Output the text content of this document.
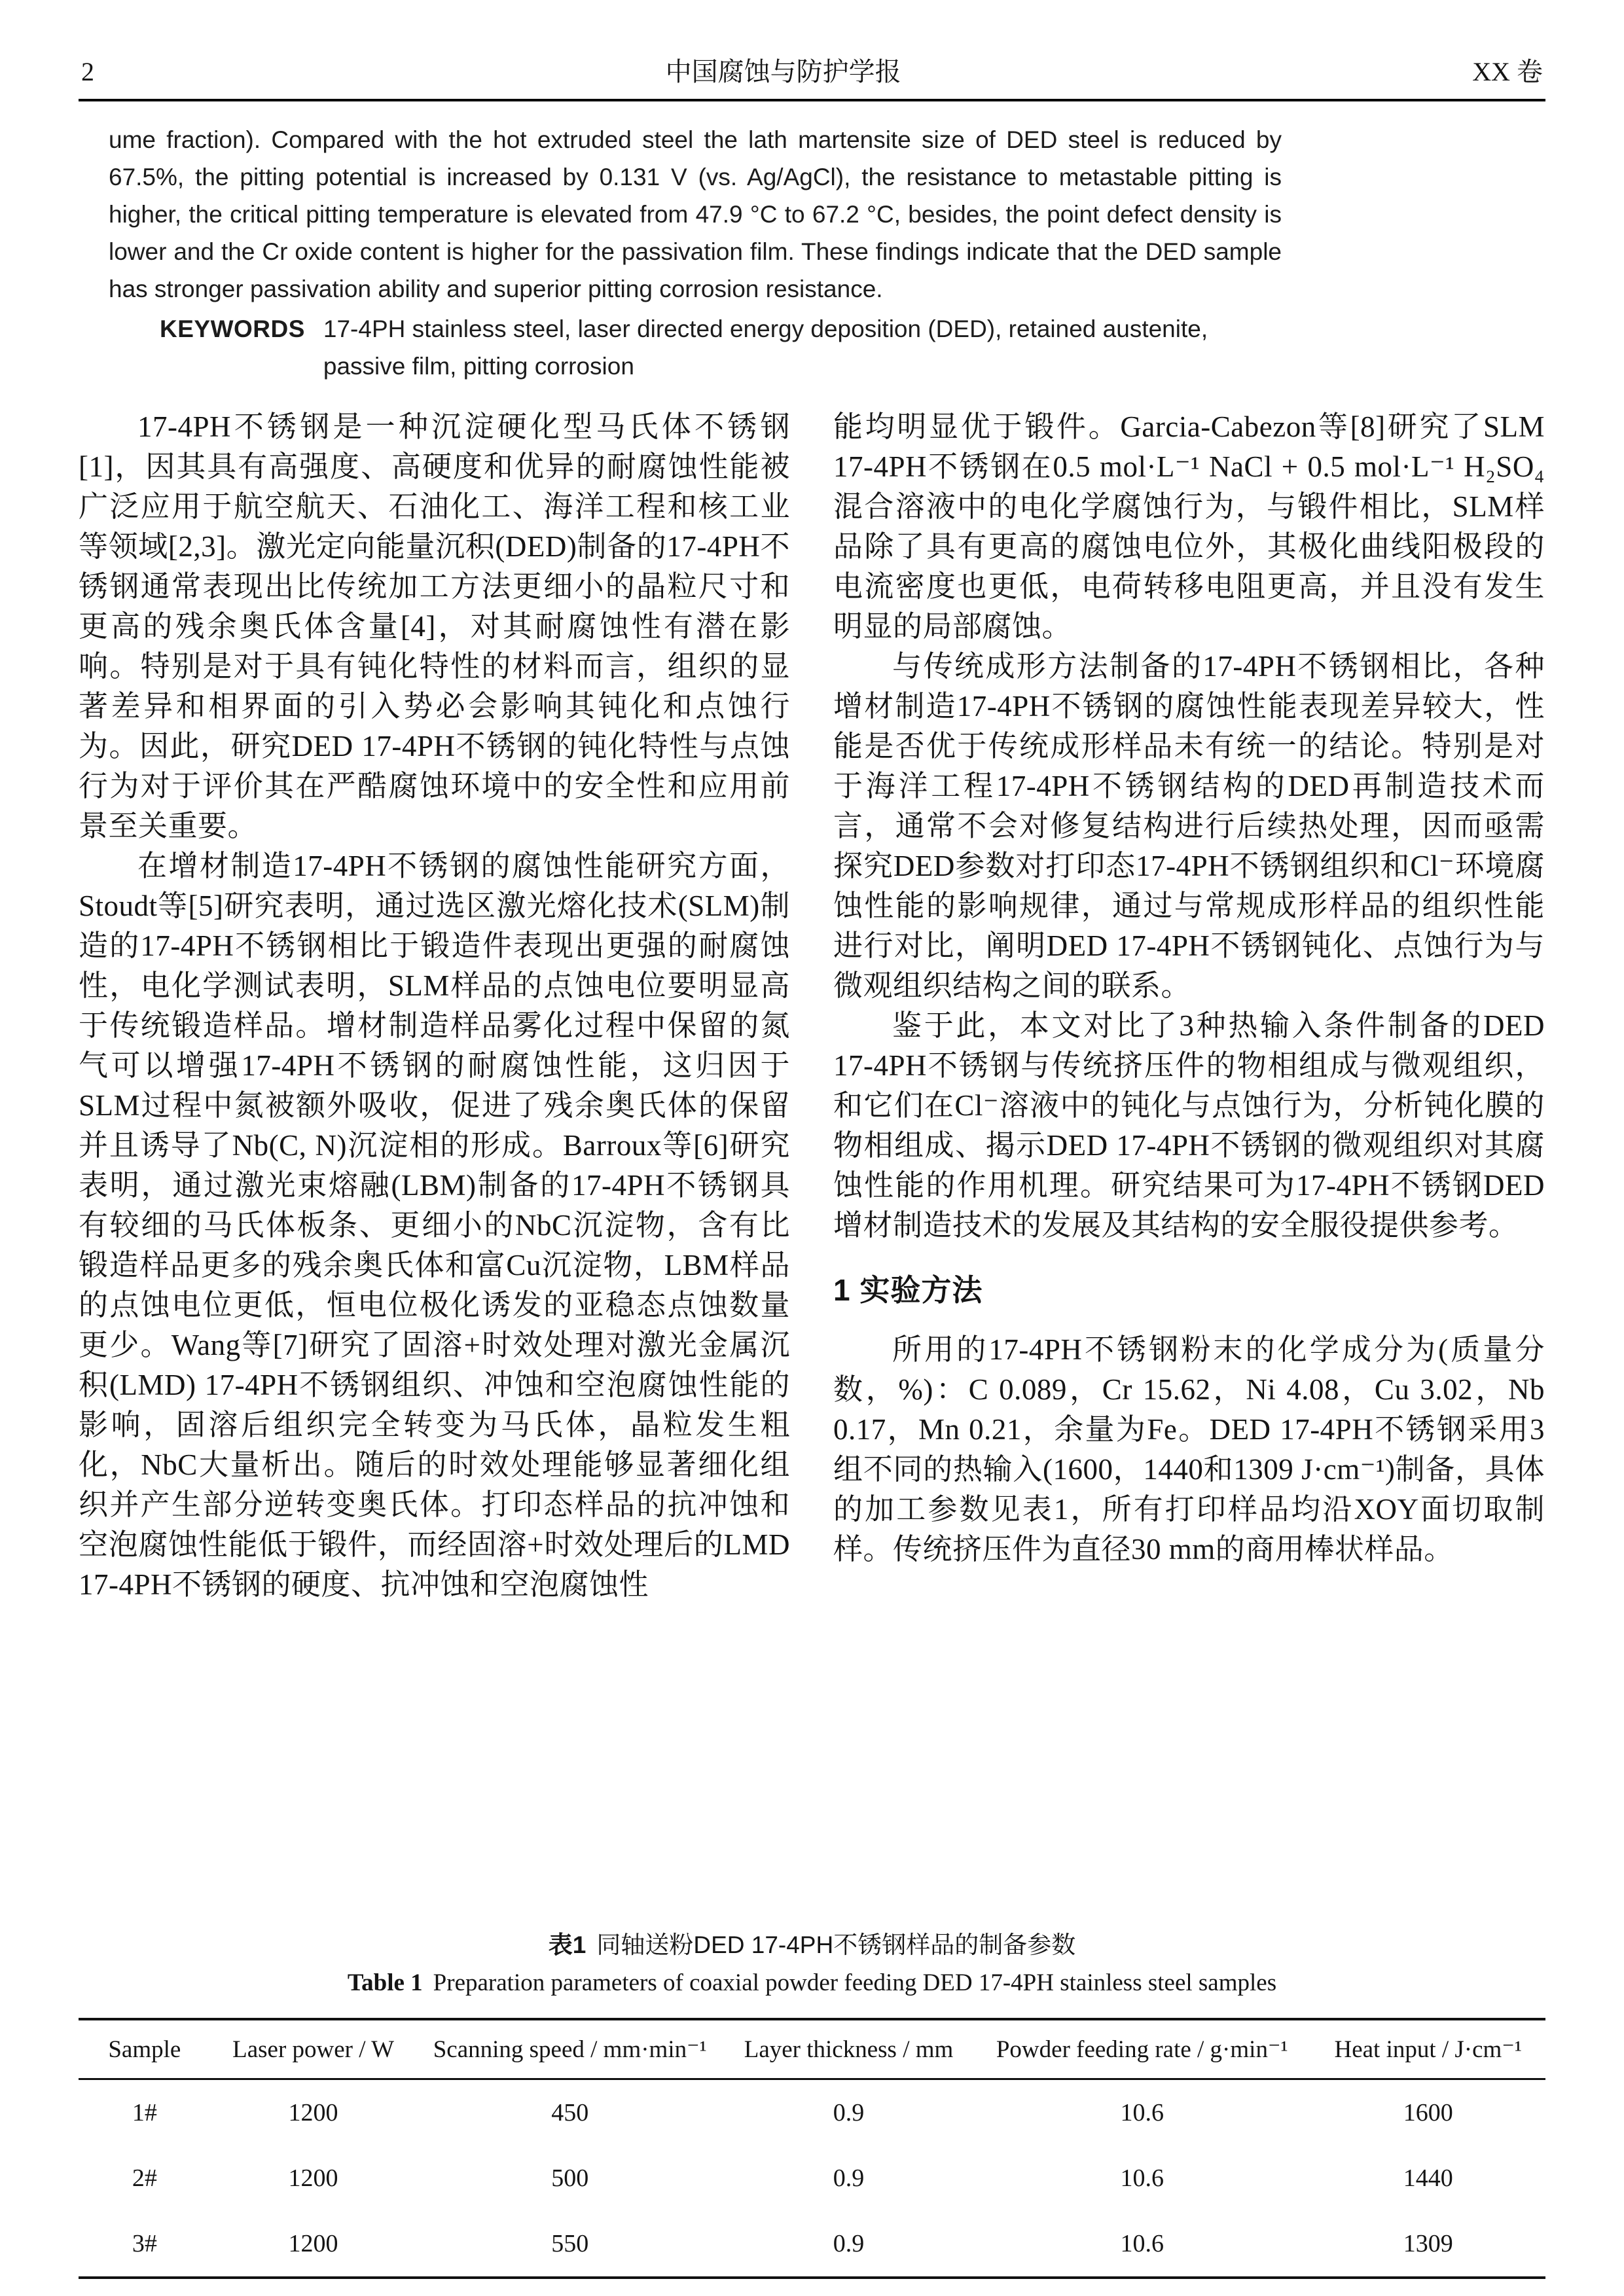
2	中国腐蚀与防护学报	XX 卷

ume fraction). Compared with the hot extruded steel the lath martensite size of DED steel is reduced by 67.5%, the pitting potential is increased by 0.131 V (vs. Ag/AgCl), the resistance to metastable pitting is higher, the critical pitting temperature is elevated from 47.9 °C to 67.2 °C, besides, the point defect density is lower and the Cr oxide content is higher for the passivation film. These findings indicate that the DED sample has stronger passivation ability and superior pitting corrosion resistance.

KEYWORDS 17-4PH stainless steel, laser directed energy deposition (DED), retained austenite, passive film, pitting corrosion

17-4PH不锈钢是一种沉淀硬化型马氏体不锈钢[1]，因其具有高强度、高硬度和优异的耐腐蚀性能被广泛应用于航空航天、石油化工、海洋工程和核工业等领域[2,3]。激光定向能量沉积(DED)制备的17-4PH不锈钢通常表现出比传统加工方法更细小的晶粒尺寸和更高的残余奥氏体含量[4]，对其耐腐蚀性有潜在影响。特别是对于具有钝化特性的材料而言，组织的显著差异和相界面的引入势必会影响其钝化和点蚀行为。因此，研究DED 17-4PH不锈钢的钝化特性与点蚀行为对于评价其在严酷腐蚀环境中的安全性和应用前景至关重要。

在增材制造17-4PH不锈钢的腐蚀性能研究方面，Stoudt等[5]研究表明，通过选区激光熔化技术(SLM)制造的17-4PH不锈钢相比于锻造件表现出更强的耐腐蚀性，电化学测试表明，SLM样品的点蚀电位要明显高于传统锻造样品。增材制造样品雾化过程中保留的氮气可以增强17-4PH不锈钢的耐腐蚀性能，这归因于SLM过程中氮被额外吸收，促进了残余奥氏体的保留并且诱导了Nb(C, N)沉淀相的形成。Barroux等[6]研究表明，通过激光束熔融(LBM)制备的17-4PH不锈钢具有较细的马氏体板条、更细小的NbC沉淀物，含有比锻造样品更多的残余奥氏体和富Cu沉淀物，LBM样品的点蚀电位更低，恒电位极化诱发的亚稳态点蚀数量更少。Wang等[7]研究了固溶+时效处理对激光金属沉积(LMD) 17-4PH不锈钢组织、冲蚀和空泡腐蚀性能的影响，固溶后组织完全转变为马氏体，晶粒发生粗化，NbC大量析出。随后的时效处理能够显著细化组织并产生部分逆转变奥氏体。打印态样品的抗冲蚀和空泡腐蚀性能低于锻件，而经固溶+时效处理后的LMD 17-4PH不锈钢的硬度、抗冲蚀和空泡腐蚀性

能均明显优于锻件。Garcia-Cabezon等[8]研究了SLM 17-4PH不锈钢在0.5 mol·L⁻¹ NaCl + 0.5 mol·L⁻¹ H₂SO₄混合溶液中的电化学腐蚀行为，与锻件相比，SLM样品除了具有更高的腐蚀电位外，其极化曲线阳极段的电流密度也更低，电荷转移电阻更高，并且没有发生明显的局部腐蚀。

与传统成形方法制备的17-4PH不锈钢相比，各种增材制造17-4PH不锈钢的腐蚀性能表现差异较大，性能是否优于传统成形样品未有统一的结论。特别是对于海洋工程17-4PH不锈钢结构的DED再制造技术而言，通常不会对修复结构进行后续热处理，因而亟需探究DED参数对打印态17-4PH不锈钢组织和Cl⁻环境腐蚀性能的影响规律，通过与常规成形样品的组织性能进行对比，阐明DED 17-4PH不锈钢钝化、点蚀行为与微观组织结构之间的联系。

鉴于此，本文对比了3种热输入条件制备的DED 17-4PH不锈钢与传统挤压件的物相组成与微观组织，和它们在Cl⁻溶液中的钝化与点蚀行为，分析钝化膜的物相组成、揭示DED 17-4PH不锈钢的微观组织对其腐蚀性能的作用机理。研究结果可为17-4PH不锈钢DED增材制造技术的发展及其结构的安全服役提供参考。

1 实验方法

所用的17-4PH不锈钢粉末的化学成分为(质量分数，%)：C 0.089，Cr 15.62，Ni 4.08，Cu 3.02，Nb 0.17，Mn 0.21，余量为Fe。DED 17-4PH不锈钢采用3组不同的热输入(1600，1440和1309 J·cm⁻¹)制备，具体的加工参数见表1，所有打印样品均沿XOY面切取制样。传统挤压件为直径30 mm的商用棒状样品。

表1 同轴送粉DED 17-4PH不锈钢样品的制备参数
Table 1 Preparation parameters of coaxial powder feeding DED 17-4PH stainless steel samples
Sample	Laser power / W	Scanning speed / mm·min⁻¹	Layer thickness / mm	Powder feeding rate / g·min⁻¹	Heat input / J·cm⁻¹
1#	1200	450	0.9	10.6	1600
2#	1200	500	0.9	10.6	1440
3#	1200	550	0.9	10.6	1309
